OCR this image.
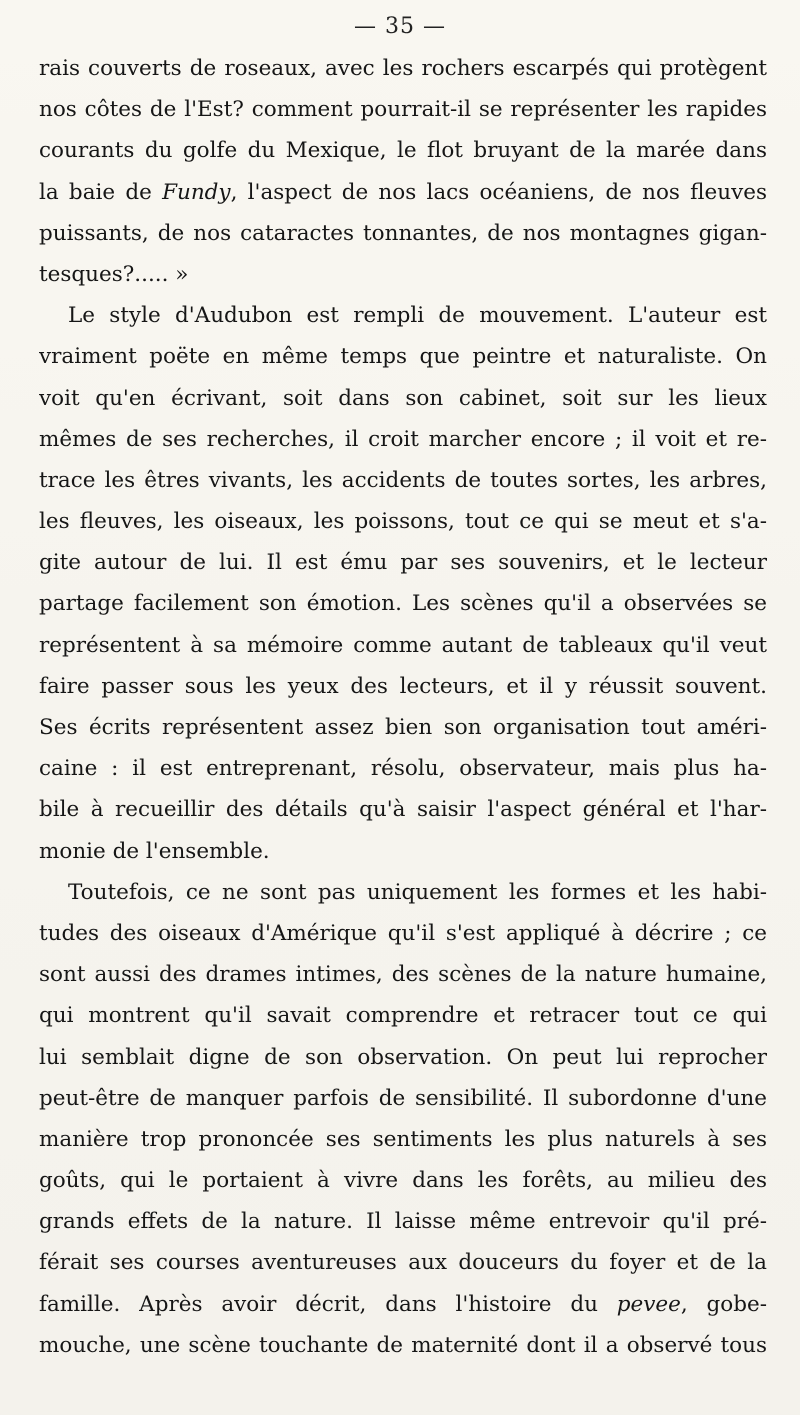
— 35 —
rais couverts de roseaux, avec les rochers escarpés qui protègent
nos côtes de l'Est? comment pourrait-il se représenter les rapides
courants du golfe du Mexique, le flot bruyant de la marée dans
la baie de Fundy, l'aspect de nos lacs océaniens, de nos fleuves
puissants, de nos cataractes tonnantes, de nos montagnes gigan-
tesques?..... »
Le style d'Audubon est rempli de mouvement. L'auteur est
vraiment poëte en même temps que peintre et naturaliste. On
voit qu'en écrivant, soit dans son cabinet, soit sur les lieux
mêmes de ses recherches, il croit marcher encore ; il voit et re-
trace les êtres vivants, les accidents de toutes sortes, les arbres,
les fleuves, les oiseaux, les poissons, tout ce qui se meut et s'a-
gite autour de lui. Il est ému par ses souvenirs, et le lecteur
partage facilement son émotion. Les scènes qu'il a observées se
représentent à sa mémoire comme autant de tableaux qu'il veut
faire passer sous les yeux des lecteurs, et il y réussit souvent.
Ses écrits représentent assez bien son organisation tout améri-
caine : il est entreprenant, résolu, observateur, mais plus ha-
bile à recueillir des détails qu'à saisir l'aspect général et l'har-
monie de l'ensemble.
Toutefois, ce ne sont pas uniquement les formes et les habi-
tudes des oiseaux d'Amérique qu'il s'est appliqué à décrire ; ce
sont aussi des drames intimes, des scènes de la nature humaine,
qui montrent qu'il savait comprendre et retracer tout ce qui
lui semblait digne de son observation. On peut lui reprocher
peut-être de manquer parfois de sensibilité. Il subordonne d'une
manière trop prononcée ses sentiments les plus naturels à ses
goûts, qui le portaient à vivre dans les forêts, au milieu des
grands effets de la nature. Il laisse même entrevoir qu'il pré-
férait ses courses aventureuses aux douceurs du foyer et de la
famille. Après avoir décrit, dans l'histoire du pevee, gobe-
mouche, une scène touchante de maternité dont il a observé tous
